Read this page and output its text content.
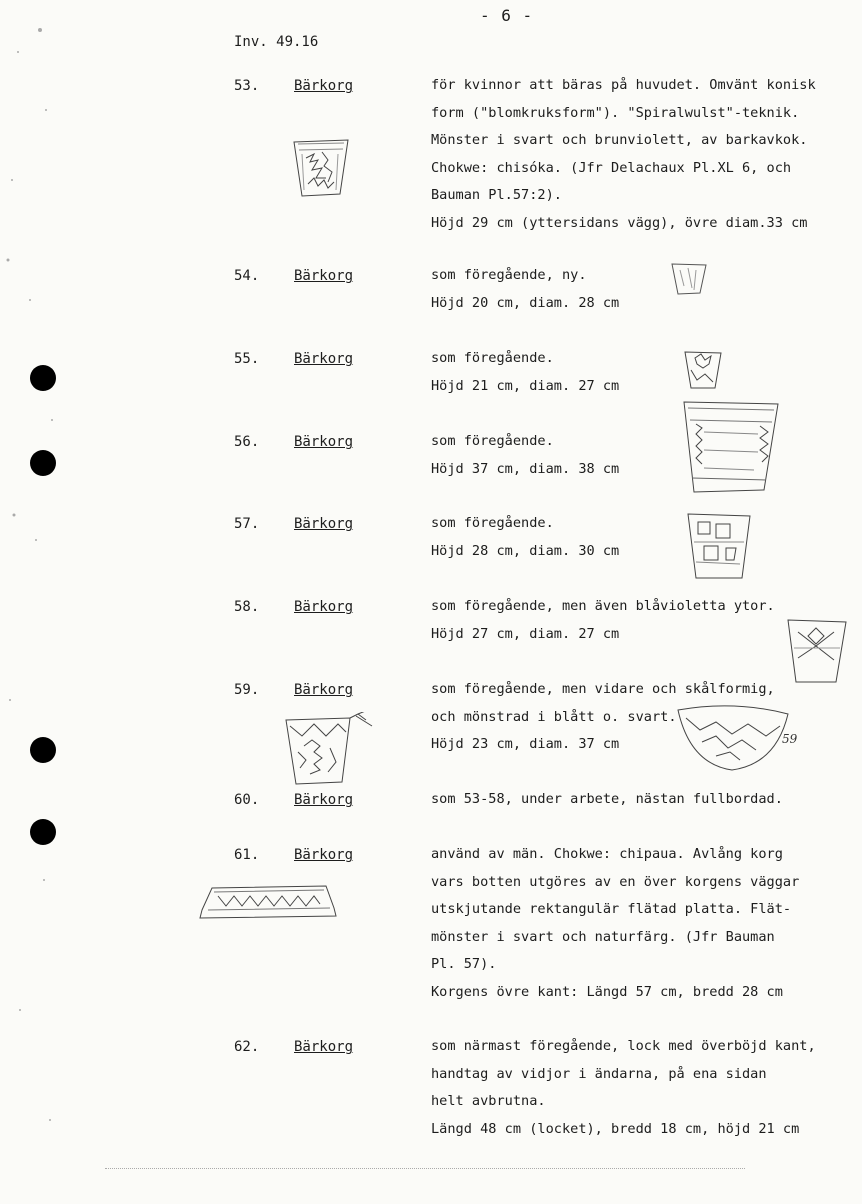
- 6 -
Inv. 49.16
53. Bärkorg	för kvinnor att bäras på huvudet. Omvänt konisk
form ("blomkruksform"). "Spiralwulst"-teknik.
Mönster i svart och brunviolett, av barkavkok.
Chokwe: chisóka. (Jfr Delachaux Pl.XL 6, och
Bauman Pl.57:2).
Höjd 29 cm (yttersidans vägg), övre diam.33 cm
54. Bärkorg	som föregående, ny.
Höjd 20 cm, diam. 28 cm
55. Bärkorg	som föregående.
Höjd 21 cm, diam. 27 cm
56. Bärkorg	som föregående.
Höjd 37 cm, diam. 38 cm
57. Bärkorg	som föregående.
Höjd 28 cm, diam. 30 cm
58. Bärkorg	som föregående, men även blåvioletta ytor.
Höjd 27 cm, diam. 27 cm
59. Bärkorg	som föregående, men vidare och skålformig,
och mönstrad i blått o. svart.
Höjd 23 cm, diam. 37 cm
60. Bärkorg	som 53-58, under arbete, nästan fullbordad.
61. Bärkorg	använd av män. Chokwe: chipaua. Avlång korg
vars botten utgöres av en över korgens väggar
utskjutande rektangulär flätad platta. Flät-
mönster i svart och naturfärg. (Jfr Bauman
Pl. 57).
Korgens övre kant: Längd 57 cm, bredd 28 cm
62. Bärkorg	som närmast föregående, lock med överböjd kant,
handtag av vidjor i ändarna, på ena sidan
helt avbrutna.
Längd 48 cm (locket), bredd 18 cm, höjd 21 cm
59
